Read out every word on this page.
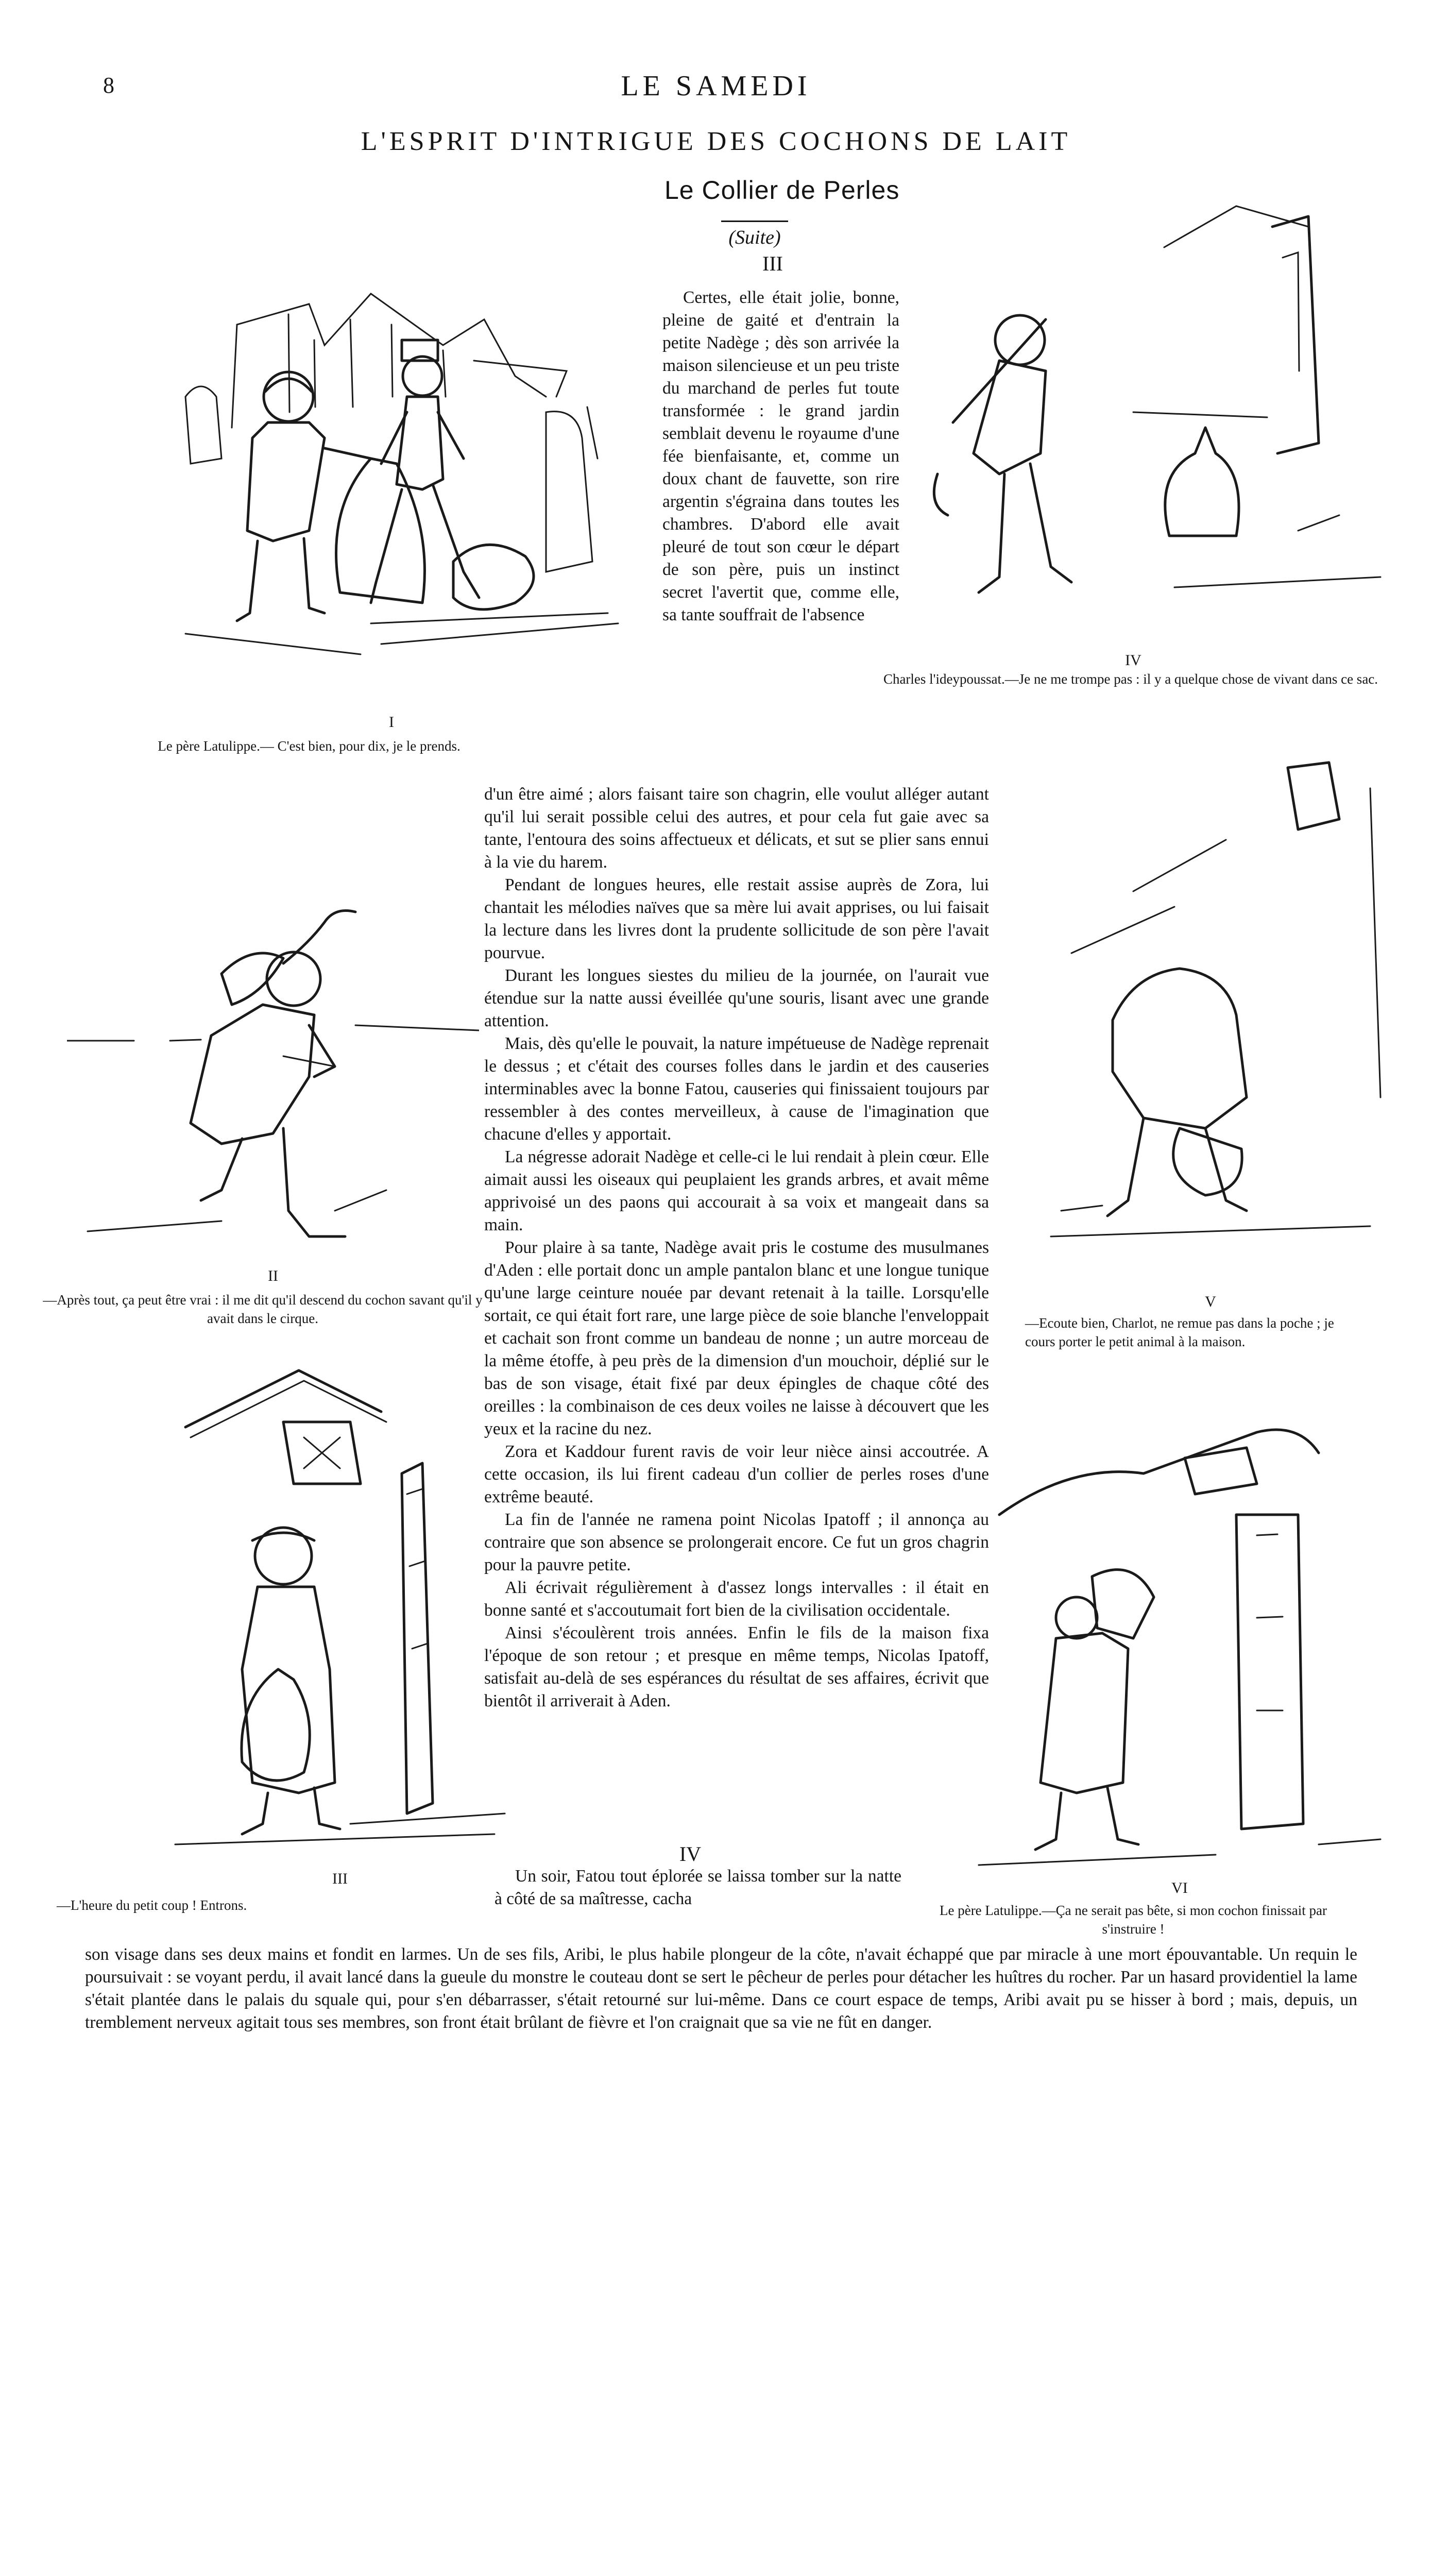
8	LE SAMEDI
L'ESPRIT D'INTRIGUE DES COCHONS DE LAIT
Le Collier de Perles
(Suite)
III

Certes, elle était jolie, bonne, pleine de gaité et d'entrain la petite Nadège ; dès son arrivée la maison silencieuse et un peu triste du marchand de perles fut toute transformée : le grand jardin semblait devenu le royaume d'une fée bienfaisante, et, comme un doux chant de fauvette, son rire argentin s'égraina dans toutes les chambres. D'abord elle avait pleuré de tout son cœur le départ de son père, puis un instinct secret l'avertit que, comme elle, sa tante souffrait de l'absence

d'un être aimé ; alors faisant taire son chagrin, elle voulut alléger autant qu'il lui serait possible celui des autres, et pour cela fut gaie avec sa tante, l'entoura des soins affectueux et délicats, et sut se plier sans ennui à la vie du harem.

Pendant de longues heures, elle restait assise auprès de Zora, lui chantait les mélodies naïves que sa mère lui avait apprises, ou lui faisait la lecture dans les livres dont la prudente sollicitude de son père l'avait pourvue.

Durant les longues siestes du milieu de la journée, on l'aurait vue étendue sur la natte aussi éveillée qu'une souris, lisant avec une grande attention.

Mais, dès qu'elle le pouvait, la nature impétueuse de Nadège reprenait le dessus ; et c'était des courses folles dans le jardin et des causeries interminables avec la bonne Fatou, causeries qui finissaient toujours par ressembler à des contes merveilleux, à cause de l'imagination que chacune d'elles y apportait.

La négresse adorait Nadège et celle-ci le lui rendait à plein cœur. Elle aimait aussi les oiseaux qui peuplaient les grands arbres, et avait même apprivoisé un des paons qui accourait à sa voix et mangeait dans sa main.

Pour plaire à sa tante, Nadège avait pris le costume des musulmanes d'Aden : elle portait donc un ample pantalon blanc et une longue tunique qu'une large ceinture nouée par devant retenait à la taille. Lorsqu'elle sortait, ce qui était fort rare, une large pièce de soie blanche l'enveloppait et cachait son front comme un bandeau de nonne ; un autre morceau de la même étoffe, à peu près de la dimension d'un mouchoir, déplié sur le bas de son visage, était fixé par deux épingles de chaque côté des oreilles : la combinaison de ces deux voiles ne laisse à découvert que les yeux et la racine du nez.

Zora et Kaddour furent ravis de voir leur nièce ainsi accoutrée. A cette occasion, ils lui firent cadeau d'un collier de perles roses d'une extrême beauté.

La fin de l'année ne ramena point Nicolas Ipatoff ; il annonça au contraire que son absence se prolongerait encore. Ce fut un gros chagrin pour la pauvre petite.

Ali écrivait régulièrement à d'assez longs intervalles : il était en bonne santé et s'accoutumait fort bien de la civilisation occidentale.

Ainsi s'écoulèrent trois années. Enfin le fils de la maison fixa l'époque de son retour ; et presque en même temps, Nicolas Ipatoff, satisfait au-delà de ses espérances du résultat de ses affaires, écrivit que bientôt il arriverait à Aden.

IV

Un soir, Fatou tout éplorée se laissa tomber sur la natte à côté de sa maîtresse, cacha

son visage dans ses deux mains et fondit en larmes. Un de ses fils, Aribi, le plus habile plongeur de la côte, n'avait échappé que par miracle à une mort épouvantable. Un requin le poursuivait : se voyant perdu, il avait lancé dans la gueule du monstre le couteau dont se sert le pêcheur de perles pour détacher les huîtres du rocher. Par un hasard providentiel la lame s'était plantée dans le palais du squale qui, pour s'en débarrasser, s'était retourné sur lui-même. Dans ce court espace de temps, Aribi avait pu se hisser à bord ; mais, depuis, un tremblement nerveux agitait tous ses membres, son front était brûlant de fièvre et l'on craignait que sa vie ne fût en danger.

I
Le père Latulippe.— C'est bien, pour dix, je le prends.
II
—Après tout, ça peut être vrai : il me dit qu'il descend du cochon savant qu'il y avait dans le cirque.
III
—L'heure du petit coup ! Entrons.
IV
Charles l'ideypoussat.—Je ne me trompe pas : il y a quelque chose de vivant dans ce sac.
V
—Ecoute bien, Charlot, ne remue pas dans la poche ; je cours porter le petit animal à la maison.
VI
Le père Latulippe.—Ça ne serait pas bête, si mon cochon finissait par s'instruire !
